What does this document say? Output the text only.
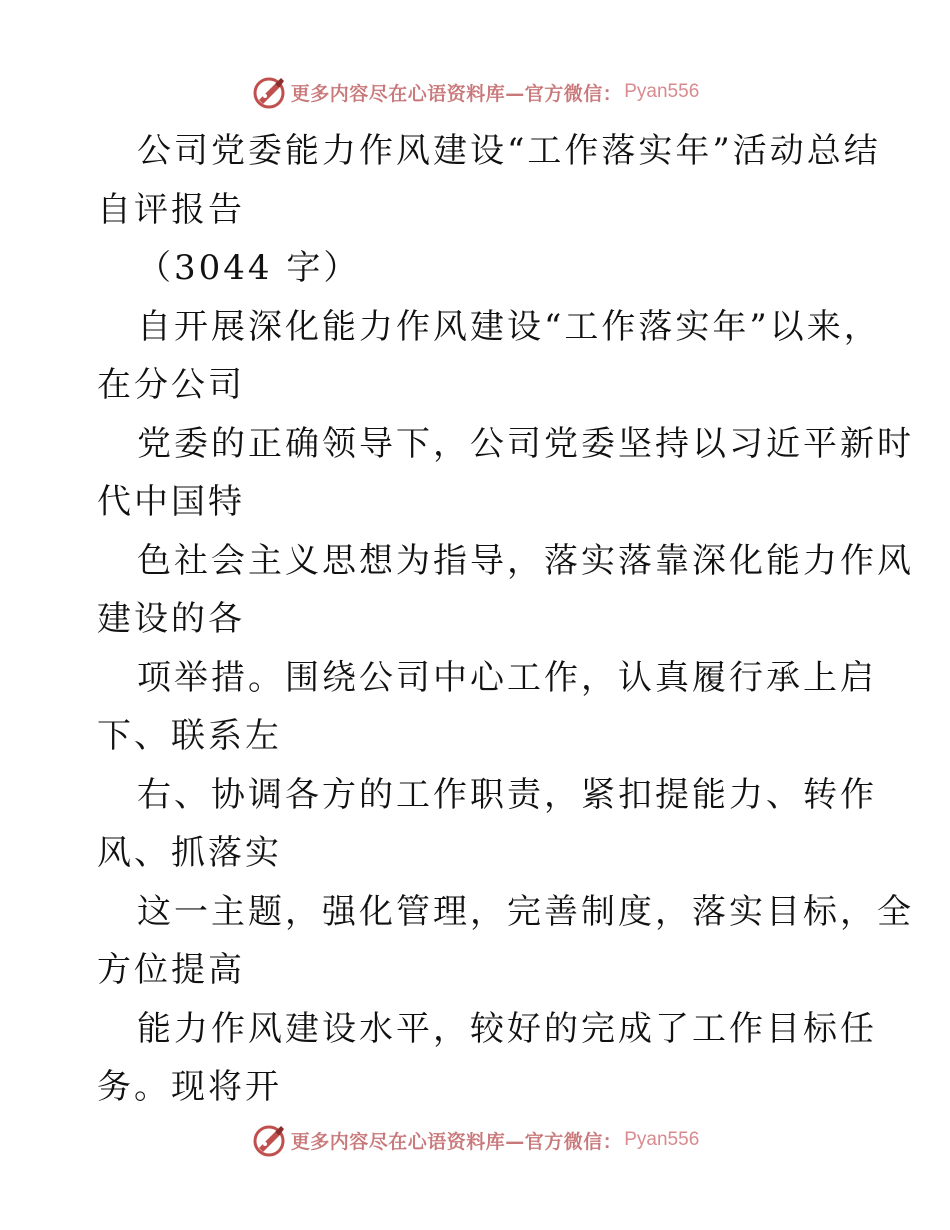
更多内容尽在心语资料库—官方微信： Pyan556
公司党委能力作风建设“工作落实年”活动总结
自评报告
（3044 字）
自开展深化能力作风建设“工作落实年”以来，
在分公司
党委的正确领导下，公司党委坚持以习近平新时
代中国特
色社会主义思想为指导，落实落靠深化能力作风
建设的各
项举措。围绕公司中心工作，认真履行承上启
下、联系左
右、协调各方的工作职责，紧扣提能力、转作
风、抓落实
这一主题，强化管理，完善制度，落实目标，全
方位提高
能力作风建设水平，较好的完成了工作目标任
务。现将开
更多内容尽在心语资料库—官方微信： Pyan556
